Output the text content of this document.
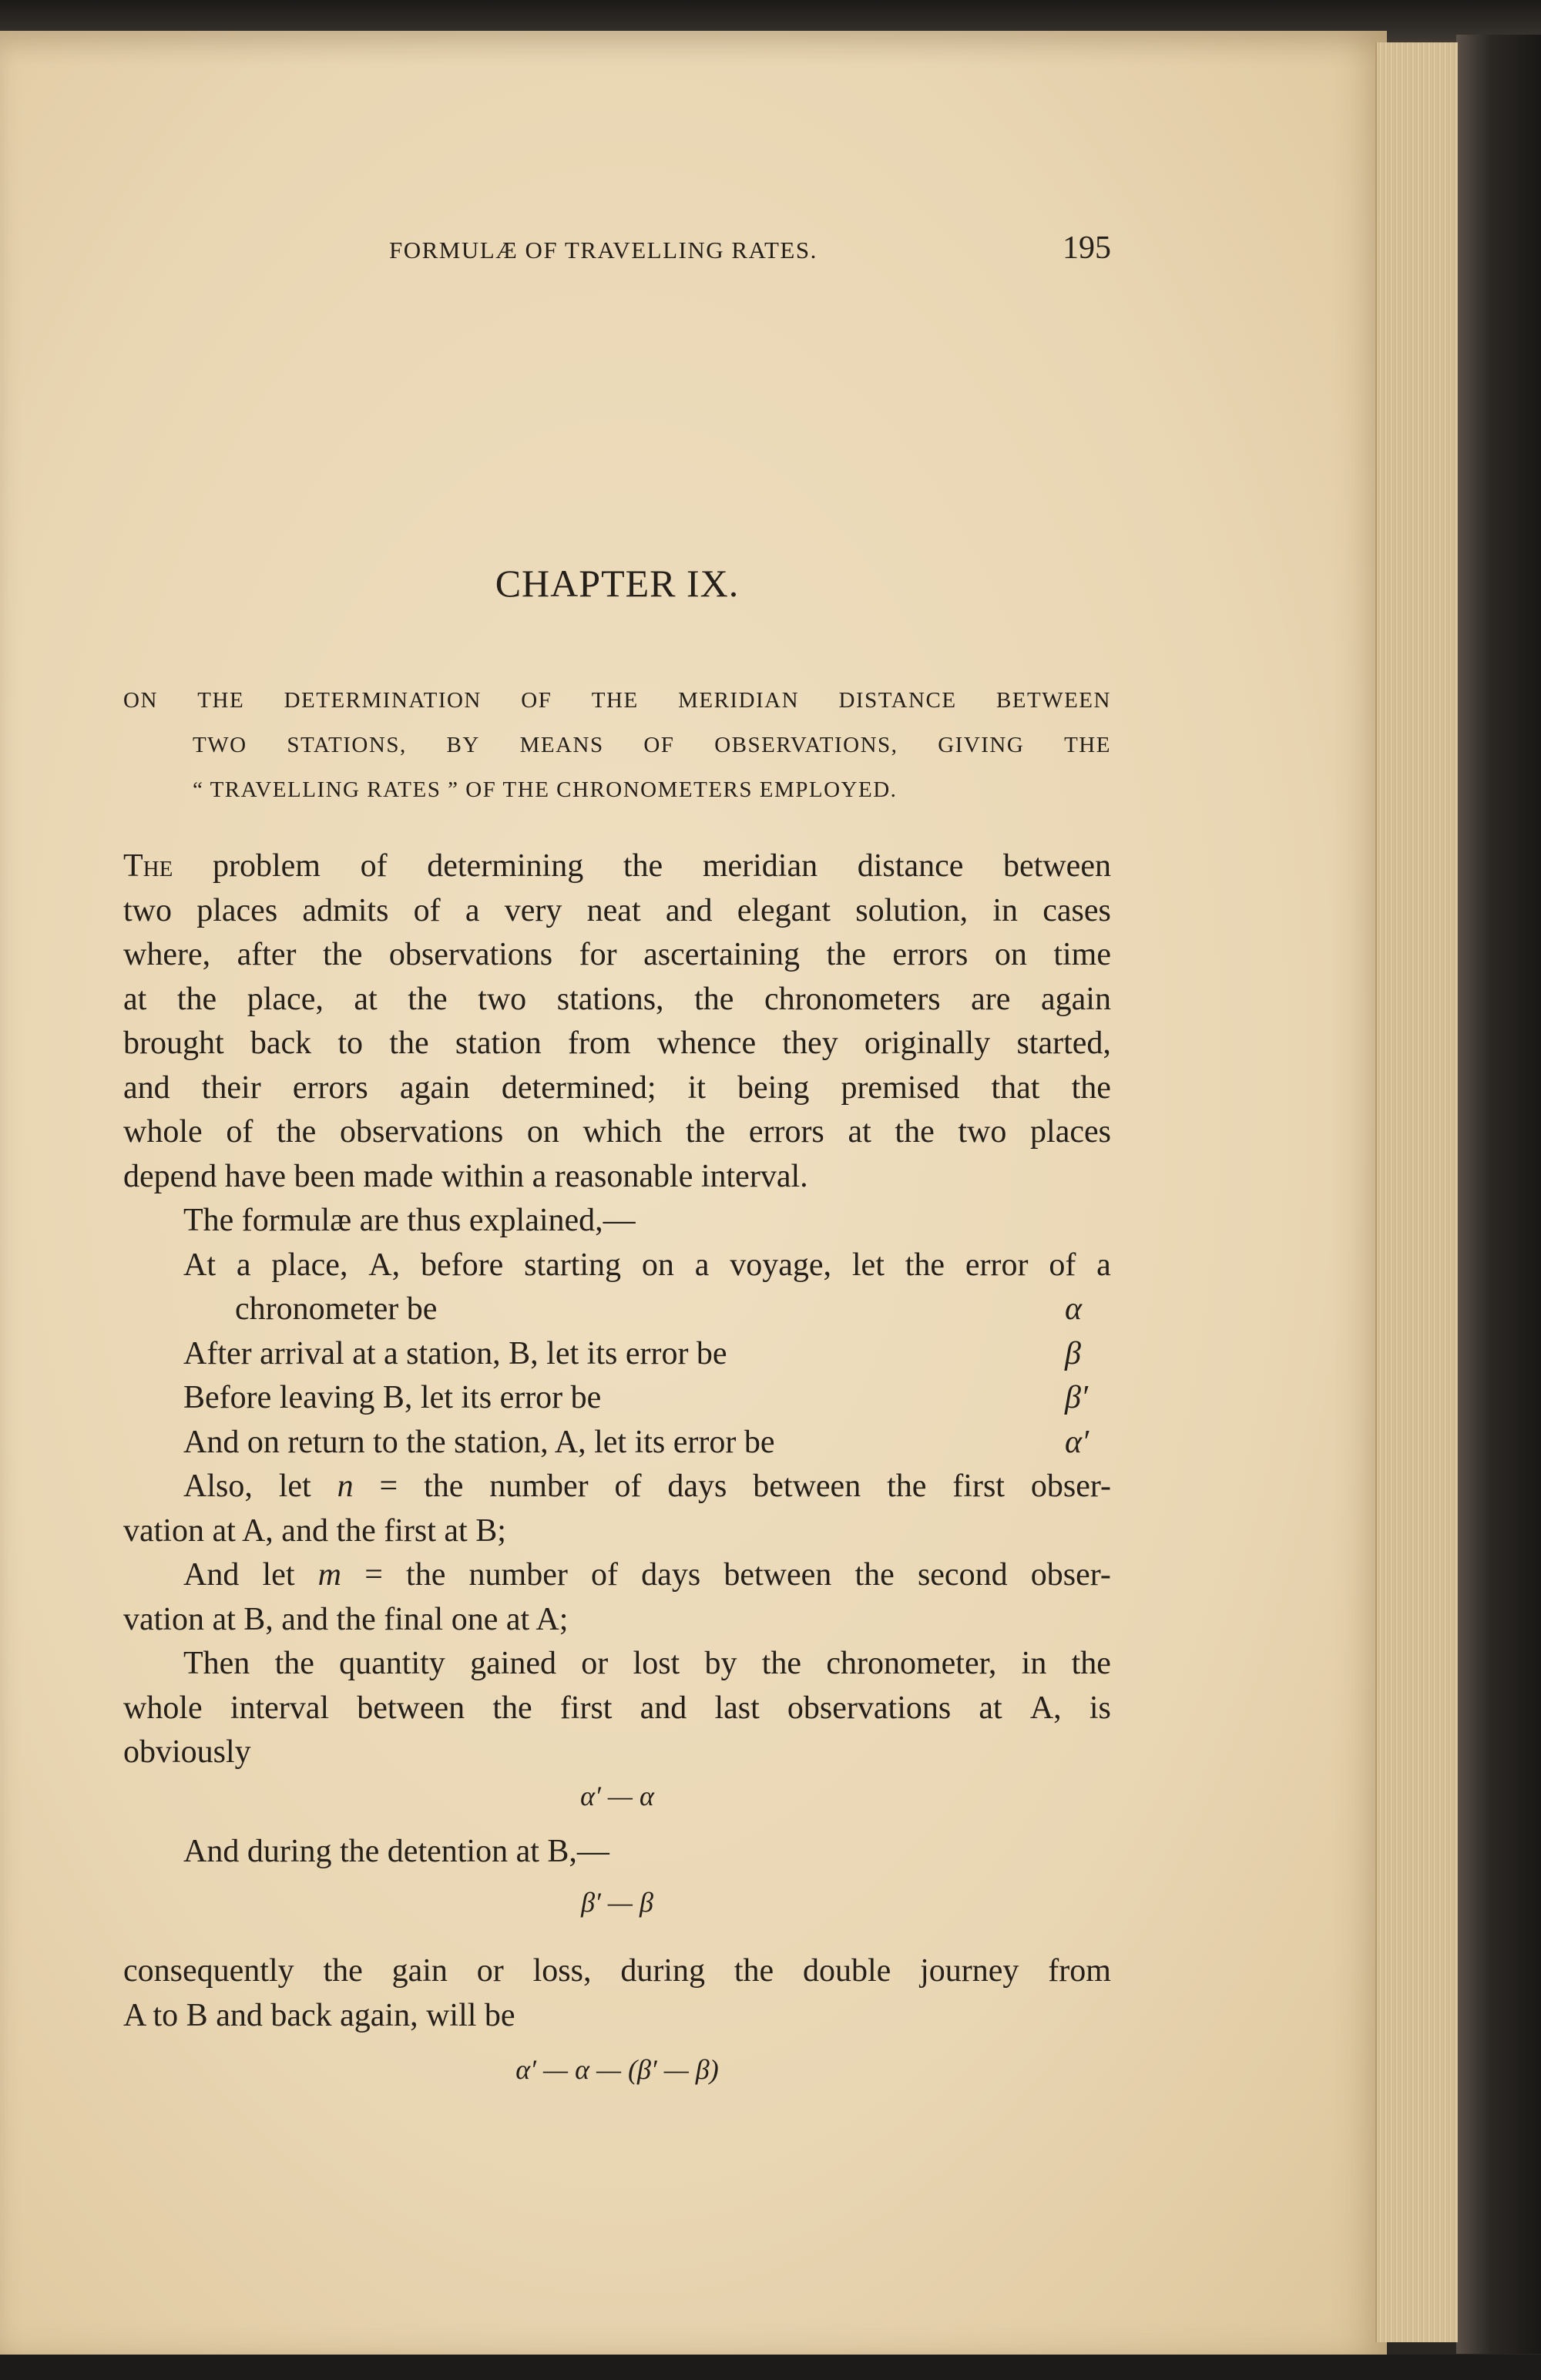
FORMULÆ OF TRAVELLING RATES.	195
CHAPTER IX.
ON THE DETERMINATION OF THE MERIDIAN DISTANCE BETWEEN
TWO STATIONS, BY MEANS OF OBSERVATIONS, GIVING THE
“ TRAVELLING RATES ” OF THE CHRONOMETERS EMPLOYED.
The problem of determining the meridian distance between
two places admits of a very neat and elegant solution, in cases
where, after the observations for ascertaining the errors on time
at the place, at the two stations, the chronometers are again
brought back to the station from whence they originally started,
and their errors again determined; it being premised that the
whole of the observations on which the errors at the two places
depend have been made within a reasonable interval.
The formulæ are thus explained,—
At a place, A, before starting on a voyage, let the error of a
chronometer be	α
After arrival at a station, B, let its error be	β
Before leaving B, let its error be	β′
And on return to the station, A, let its error be	α′
Also, let n = the number of days between the first obser-
vation at A, and the first at B;
And let m = the number of days between the second obser-
vation at B, and the final one at A;
Then the quantity gained or lost by the chronometer, in the
whole interval between the first and last observations at A, is
obviously
α′ — α
And during the detention at B,—
β′ — β
consequently the gain or loss, during the double journey from
A to B and back again, will be
α′ — α — (β′ — β)
